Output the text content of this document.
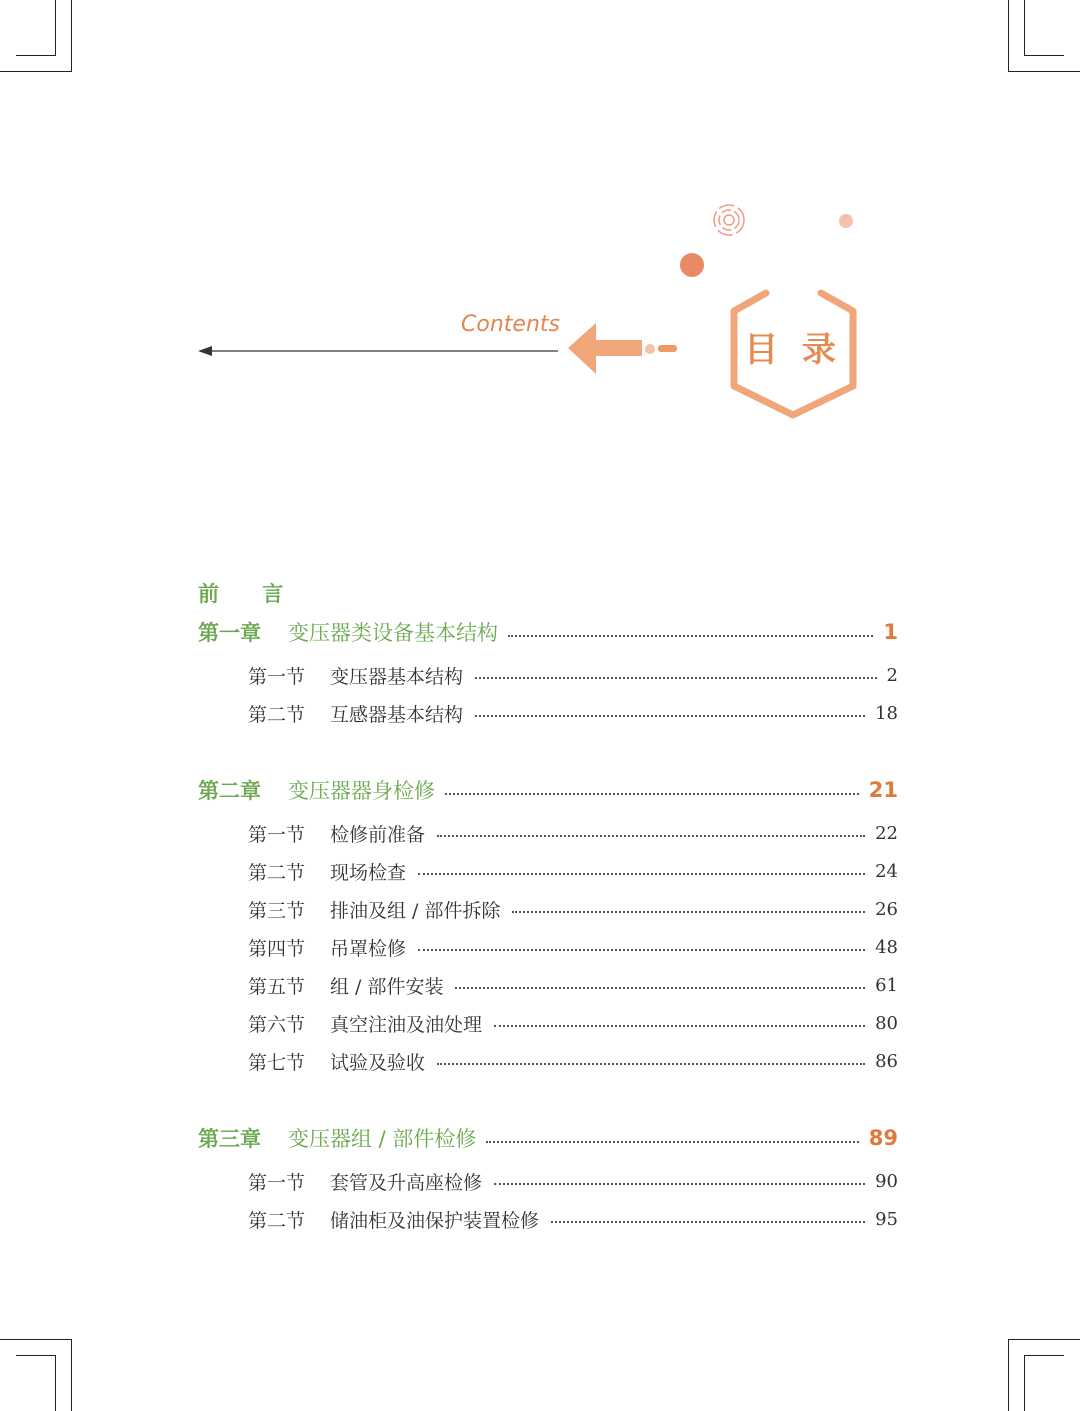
Contents
目 录
前 言
第一章	变压器类设备基本结构	1
第一节	变压器基本结构	2
第二节	互感器基本结构	18
第二章	变压器器身检修	21
第一节	检修前准备	22
第二节	现场检查	24
第三节	排油及组 / 部件拆除	26
第四节	吊罩检修	48
第五节	组 / 部件安装	61
第六节	真空注油及油处理	80
第七节	试验及验收	86
第三章	变压器组 / 部件检修	89
第一节	套管及升高座检修	90
第二节	储油柜及油保护装置检修	95
